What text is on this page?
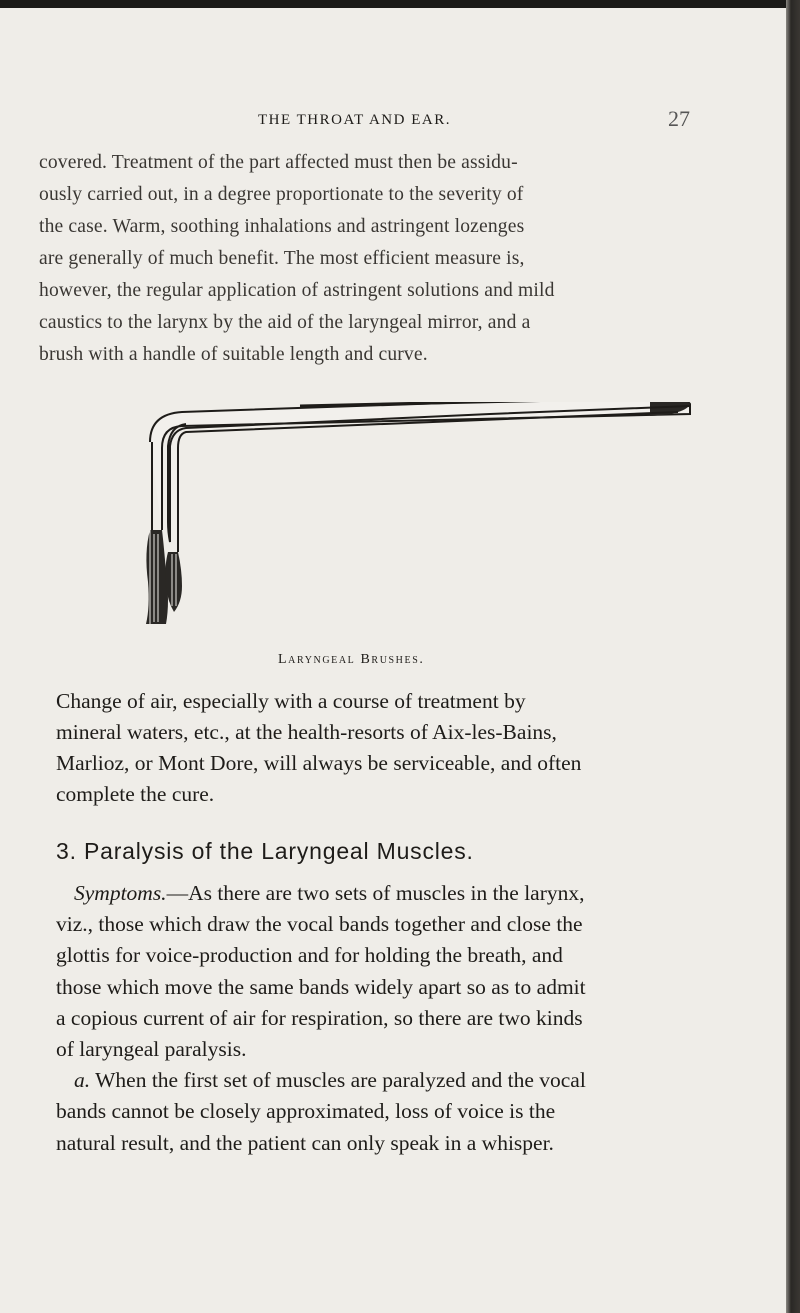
THE THROAT AND EAR.	27

covered. Treatment of the part affected must then be assidu-
ously carried out, in a degree proportionate to the severity of
the case. Warm, soothing inhalations and astringent lozenges
are generally of much benefit. The most efficient measure is,
however, the regular application of astringent solutions and mild
caustics to the larynx by the aid of the laryngeal mirror, and a
brush with a handle of suitable length and curve.

Laryngeal Brushes.

Change of air, especially with a course of treatment by
mineral waters, etc., at the health-resorts of Aix-les-Bains,
Marlioz, or Mont Dore, will always be serviceable, and often
complete the cure.

3. Paralysis of the Laryngeal Muscles.

Symptoms.—As there are two sets of muscles in the larynx,
viz., those which draw the vocal bands together and close the
glottis for voice-production and for holding the breath, and
those which move the same bands widely apart so as to admit
a copious current of air for respiration, so there are two kinds
of laryngeal paralysis.
a. When the first set of muscles are paralyzed and the vocal
bands cannot be closely approximated, loss of voice is the
natural result, and the patient can only speak in a whisper.
